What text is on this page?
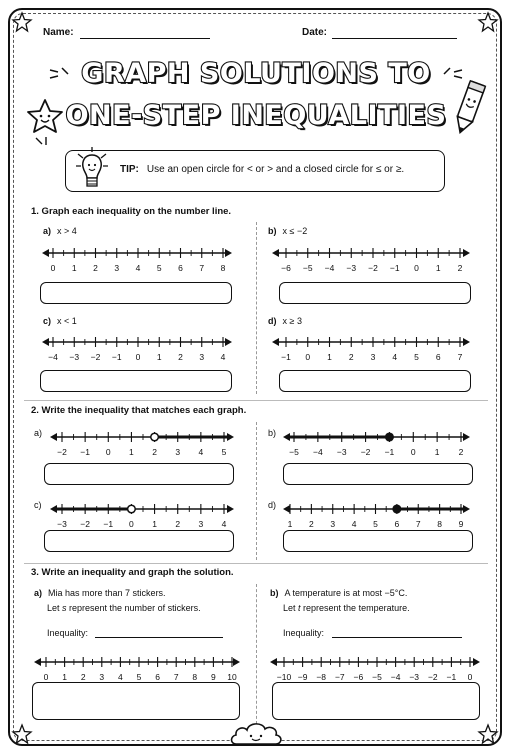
Name:	Date:
GRAPH SOLUTIONS TO
ONE-STEP INEQUALITIES
TIP: Use an open circle for < or > and a closed circle for ≤ or ≥.
1. Graph each inequality on the number line.
a) x > 4	b) x ≤ −2
c) x < 1	d) x ≥ 3
0 1 2 3 4 5 6 7 8	−6 −5 −4 −3 −2 −1 0 1 2
−4 −3 −2 −1 0 1 2 3 4	−1 0 1 2 3 4 5 6 7
2. Write the inequality that matches each graph.
a)	b)
c)	d)
−2 −1 0 1 2 3 4 5	−5 −4 −3 −2 −1 0 1 2
−3 −2 −1 0 1 2 3 4	1 2 3 4 5 6 7 8 9
3. Write an inequality and graph the solution.
a) Mia has more than 7 stickers.
Let s represent the number of stickers.
Inequality:
b) A temperature is at most −5°C.
Let t represent the temperature.
Inequality:
0 1 2 3 4 5 6 7 8 9 10	−10 −9 −8 −7 −6 −5 −4 −3 −2 −1 0
